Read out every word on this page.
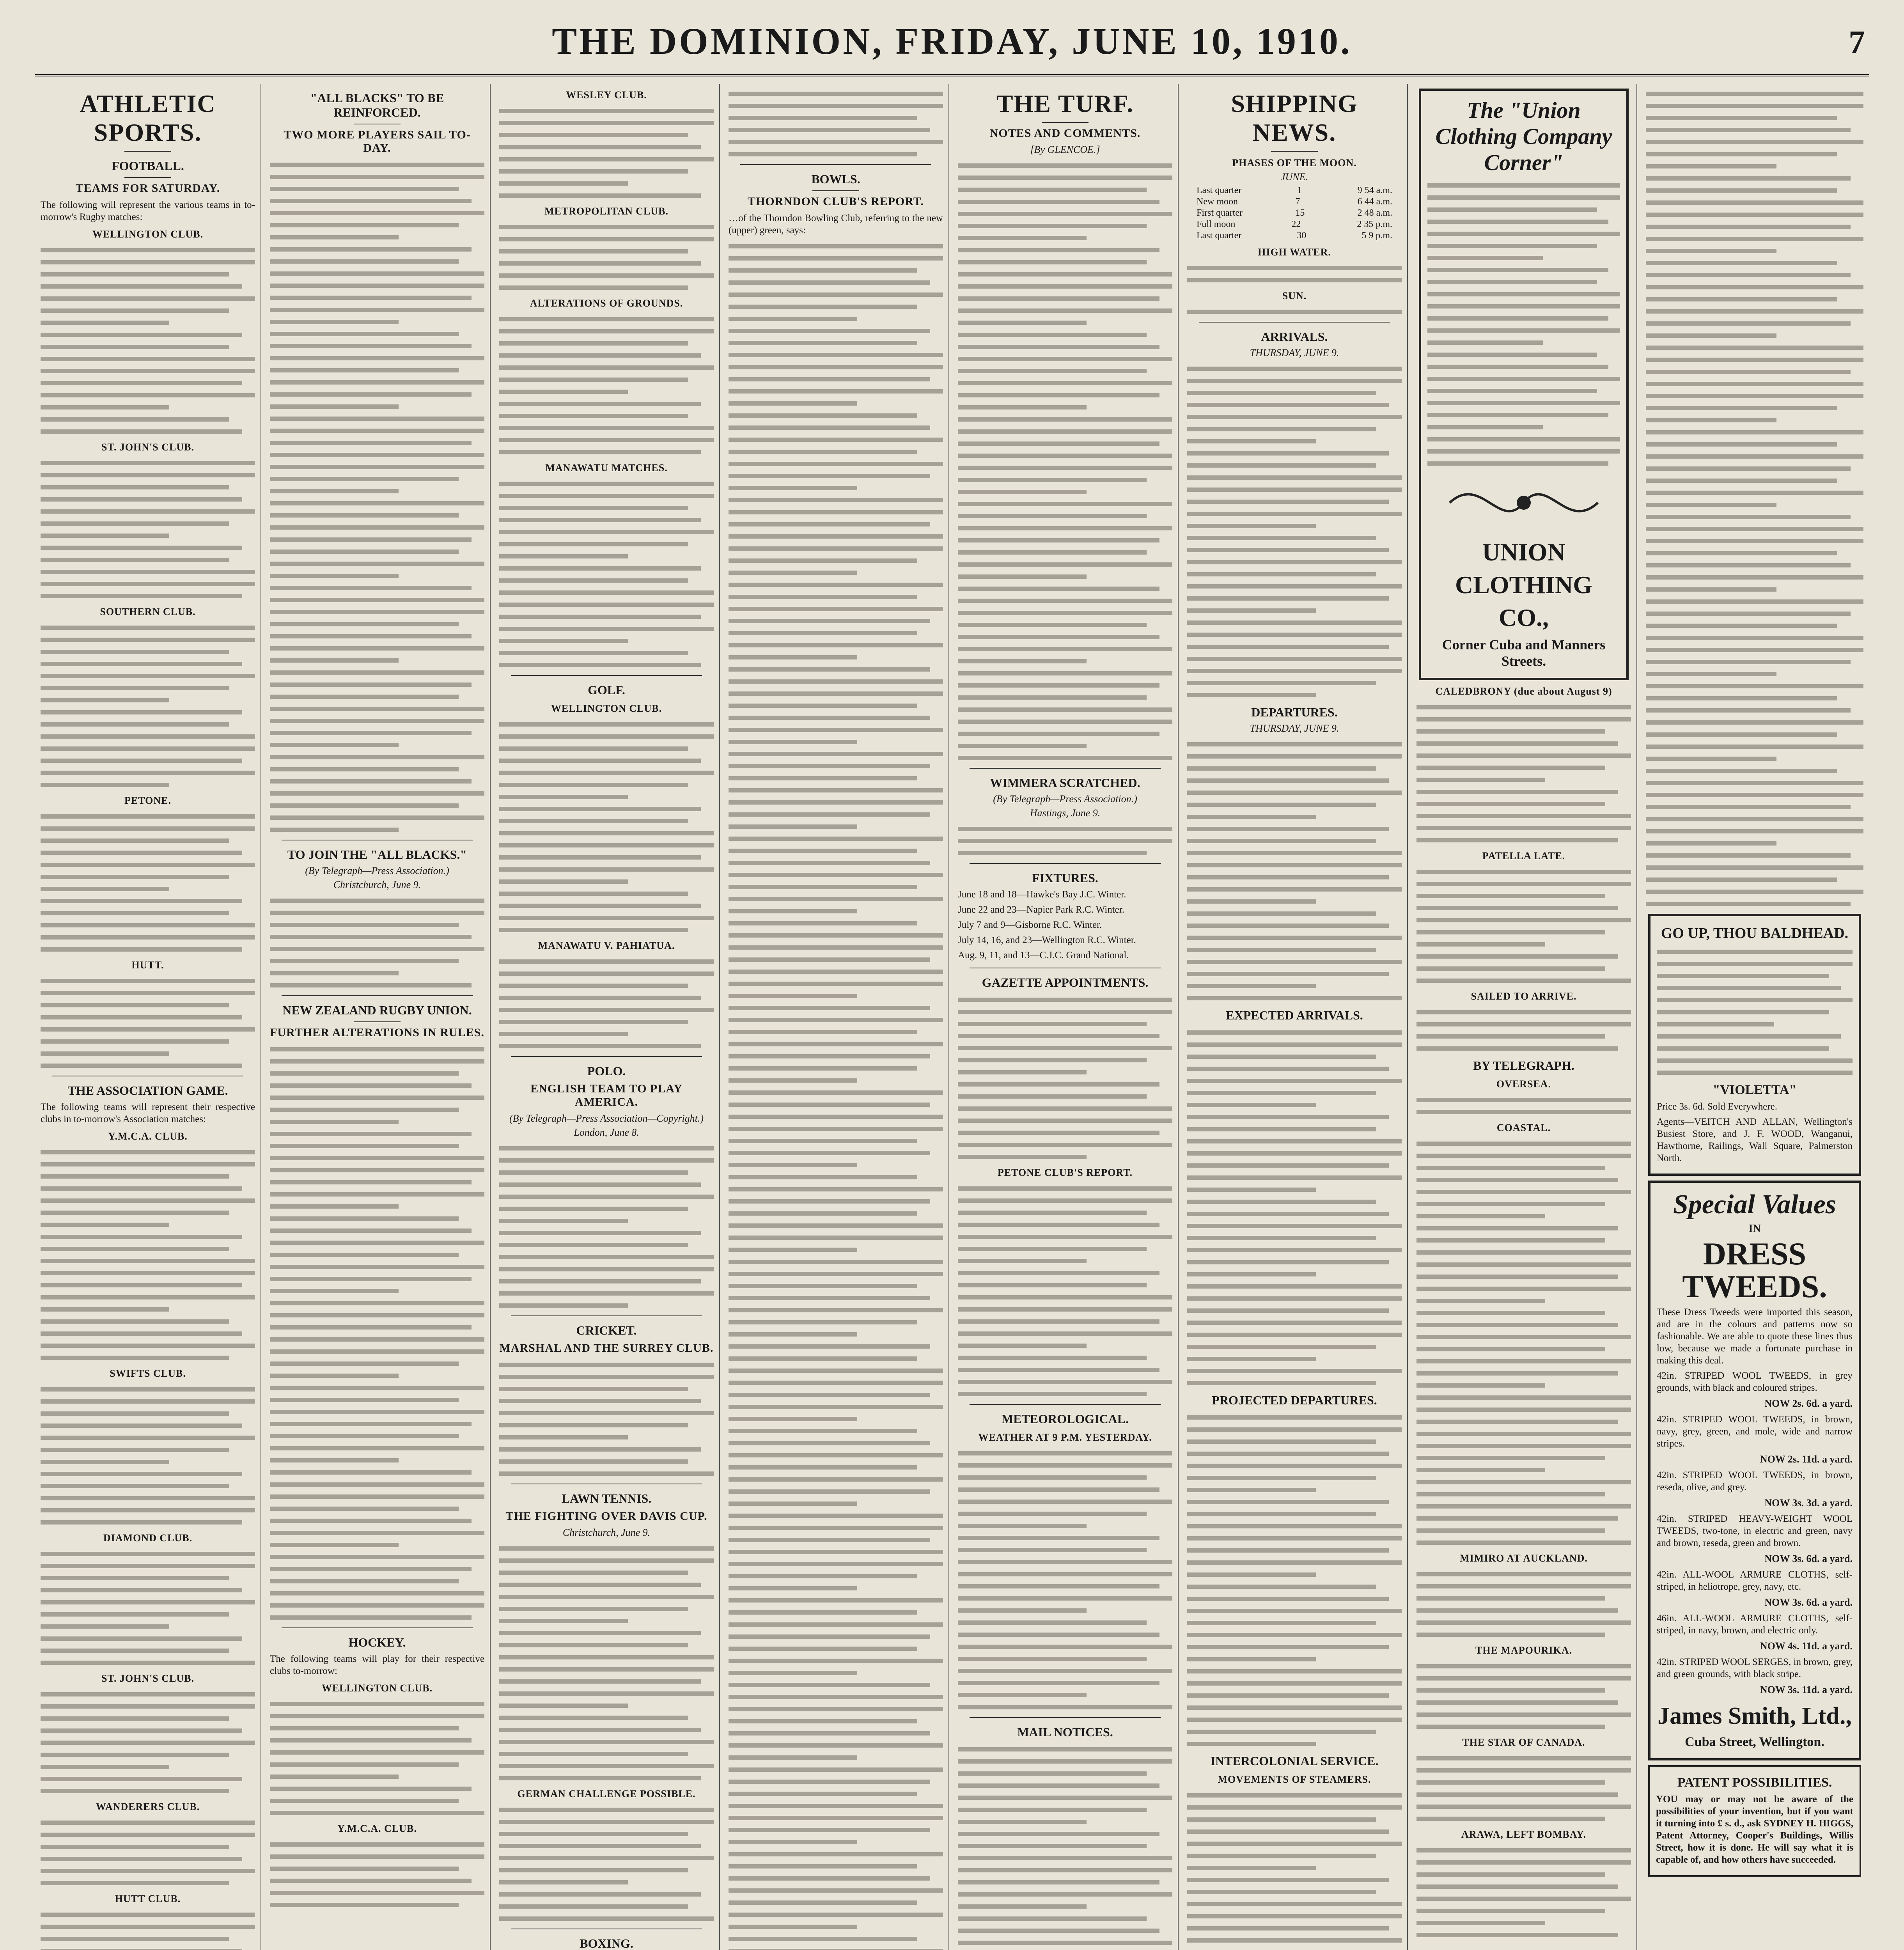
THE DOMINION, FRIDAY, JUNE 10, 1910.	7
ATHLETIC SPORTS.
FOOTBALL.
TEAMS FOR SATURDAY.
The following will represent the various teams in to-morrow's Rugby matches:
WELLINGTON CLUB.
ST. JOHN'S CLUB.
SOUTHERN CLUB.
PETONE.
HUTT.
THE ASSOCIATION GAME.
The following teams will represent their respective clubs in to-morrow's Association matches:
Y.M.C.A. CLUB.
SWIFTS CLUB.
DIAMOND CLUB.
ST. JOHN'S CLUB.
WANDERERS CLUB.
HUTT CLUB.
"ALL BLACKS" TO BE REINFORCED.
TWO MORE PLAYERS SAIL TO-DAY.
TO JOIN THE "ALL BLACKS."
(By Telegraph—Press Association.)
Christchurch, June 9.
NEW ZEALAND RUGBY UNION.
FURTHER ALTERATIONS IN RULES.
HOCKEY.
The following teams will play for their respective clubs to-morrow:
WELLINGTON CLUB.
Y.M.C.A. CLUB.
WESLEY CLUB.
METROPOLITAN CLUB.
ALTERATIONS OF GROUNDS.
MANAWATU MATCHES.
GOLF.
WELLINGTON CLUB.
MANAWATU V. PAHIATUA.
POLO.
ENGLISH TEAM TO PLAY AMERICA.
(By Telegraph—Press Association—Copyright.)
London, June 8.
CRICKET.
MARSHAL AND THE SURREY CLUB.
LAWN TENNIS.
THE FIGHTING OVER DAVIS CUP.
Christchurch, June 9.
GERMAN CHALLENGE POSSIBLE.
BOXING.
BOWLS.
THORNDON CLUB'S REPORT.
…of the Thorndon Bowling Club, referring to the new (upper) green, says:
THE TURF.
NOTES AND COMMENTS.
[By GLENCOE.]
WIMMERA SCRATCHED.
(By Telegraph—Press Association.)
Hastings, June 9.
FIXTURES.
June 18 and 18—Hawke's Bay J.C. Winter.
June 22 and 23—Napier Park R.C. Winter.
July 7 and 9—Gisborne R.C. Winter.
July 14, 16, and 23—Wellington R.C. Winter.
Aug. 9, 11, and 13—C.J.C. Grand National.
GAZETTE APPOINTMENTS.
PETONE CLUB'S REPORT.
METEOROLOGICAL.
WEATHER AT 9 P.M. YESTERDAY.
MAIL NOTICES.
SHIPPING NEWS.
PHASES OF THE MOON.
JUNE.
Last quarter	1	9 54 a.m.
New moon	7	6 44 a.m.
First quarter	15	2 48 a.m.
Full moon	22	2 35 p.m.
Last quarter	30	5 9 p.m.
HIGH WATER.
SUN.
ARRIVALS.
THURSDAY, JUNE 9.
DEPARTURES.
THURSDAY, JUNE 9.
EXPECTED ARRIVALS.
PROJECTED DEPARTURES.
INTERCOLONIAL SERVICE.
MOVEMENTS OF STEAMERS.
The "Union Clothing Company Corner"
UNION CLOTHING CO.,
Corner Cuba and Manners Streets.
CALEDBRONY (due about August 9)
PATELLA LATE.
SAILED TO ARRIVE.
BY TELEGRAPH.
OVERSEA.
COASTAL.
MIMIRO AT AUCKLAND.
THE MAPOURIKA.
THE STAR OF CANADA.
ARAWA, LEFT BOMBAY.
GO UP, THOU BALDHEAD.
"VIOLETTA"
Price 3s. 6d. Sold Everywhere.
Agents—VEITCH AND ALLAN, Wellington's Busiest Store, and J. F. WOOD, Wanganui, Hawthorne, Railings, Wall Square, Palmerston North.
Special Values
IN
DRESS TWEEDS.
These Dress Tweeds were imported this season, and are in the colours and patterns now so fashionable. We are able to quote these lines thus low, because we made a fortunate purchase in making this deal.
42in. STRIPED WOOL TWEEDS, in grey grounds, with black and coloured stripes.
NOW 2s. 6d. a yard.
42in. STRIPED WOOL TWEEDS, in brown, navy, grey, green, and mole, wide and narrow stripes.
NOW 2s. 11d. a yard.
42in. STRIPED WOOL TWEEDS, in brown, reseda, olive, and grey.
NOW 3s. 3d. a yard.
42in. STRIPED HEAVY-WEIGHT WOOL TWEEDS, two-tone, in electric and green, navy and brown, reseda, green and brown.
NOW 3s. 6d. a yard.
42in. ALL-WOOL ARMURE CLOTHS, self-striped, in heliotrope, grey, navy, etc.
NOW 3s. 6d. a yard.
46in. ALL-WOOL ARMURE CLOTHS, self-striped, in navy, brown, and electric only.
NOW 4s. 11d. a yard.
42in. STRIPED WOOL SERGES, in brown, grey, and green grounds, with black stripe.
NOW 3s. 11d. a yard.
James Smith, Ltd.,
Cuba Street, Wellington.
PATENT POSSIBILITIES.
YOU may or may not be aware of the possibilities of your invention, but if you want it turning into £ s. d., ask SYDNEY H. HIGGS, Patent Attorney, Cooper's Buildings, Willis Street, how it is done. He will say what it is capable of, and how others have succeeded.
